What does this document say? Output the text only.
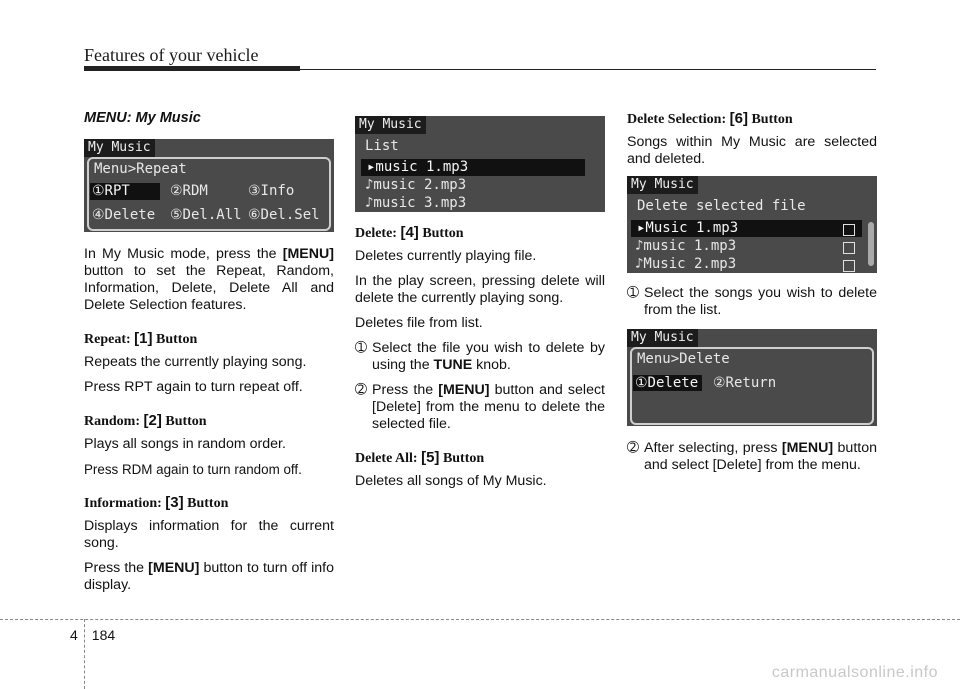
Features of your vehicle
MENU: My Music
My Music
Menu>Repeat
①RPT	②RDM	③Info
④Delete ⑤Del.All ⑥Del.Sel

In My Music mode, press the [MENU] button to set the Repeat, Random, Information, Delete, Delete All and Delete Selection features.

Repeat: [1] Button

Repeats the currently playing song.

Press RPT again to turn repeat off.

Random: [2] Button

Plays all songs in random order.

Press RDM again to turn random off.

Information: [3] Button

Displays information for the current song.

Press the [MENU] button to turn off info display.

My Music
List
▸music 1.mp3
♪music 2.mp3
♪music 3.mp3
Delete: [4] Button

Deletes currently playing file.

In the play screen, pressing delete will delete the currently playing song.

Deletes file from list.

➀ Select the file you wish to delete by using the TUNE knob.
➁ Press the [MENU] button and select [Delete] from the menu to delete the selected file.
Delete All: [5] Button

Deletes all songs of My Music.

Delete Selection: [6] Button

Songs within My Music are selected and deleted.

My Music
Delete selected file
▸Music 1.mp3
♪music 1.mp3
♪Music 2.mp3
➀ Select the songs you wish to delete from the list.
My Music
Menu>Delete
①Delete ②Return
➁ After selecting, press [MENU] button and select [Delete] from the menu.
4 184
carmanualsonline.info
